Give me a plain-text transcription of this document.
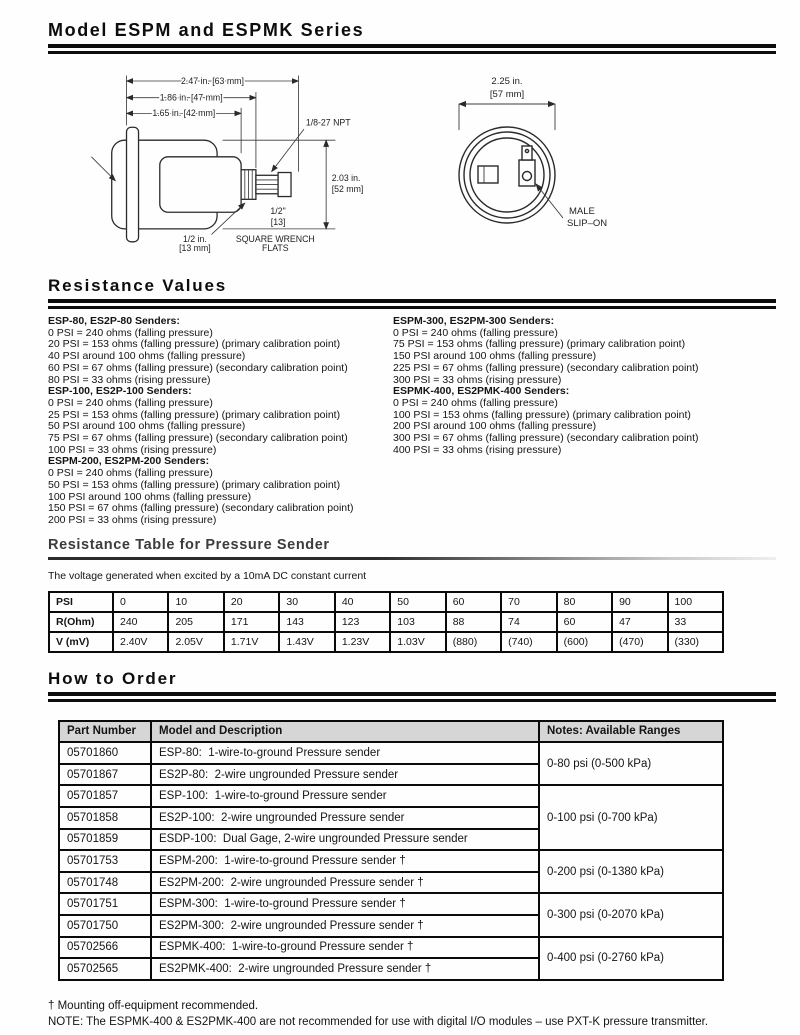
Model ESPM and ESPMK Series
2.47 in. [63 mm]
1.86 in. [47 mm]
1.65 in. [42 mm]
1/8-27 NPT
2.03 in.
[52 mm]
1/2"
[13]
1/2 in.
[13 mm]
SQUARE WRENCH
FLATS
2.25 in.
[57 mm]
MALE
SLIP–ON
Resistance Values
ESP-80, ES2P-80 Senders:
0 PSI = 240 ohms (falling pressure)
20 PSI = 153 ohms (falling pressure) (primary calibration point)
40 PSI around 100 ohms (falling pressure)
60 PSI = 67 ohms (falling pressure) (secondary calibration point)
80 PSI = 33 ohms (rising pressure)
ESP-100, ES2P-100 Senders:
0 PSI = 240 ohms (falling pressure)
25 PSI = 153 ohms (falling pressure) (primary calibration point)
50 PSI around 100 ohms (falling pressure)
75 PSI = 67 ohms (falling pressure) (secondary calibration point)
100 PSI = 33 ohms (rising pressure)
ESPM-200, ES2PM-200 Senders:
0 PSI = 240 ohms (falling pressure)
50 PSI = 153 ohms (falling pressure) (primary calibration point)
100 PSI around 100 ohms (falling pressure)
150 PSI = 67 ohms (falling pressure) (secondary calibration point)
200 PSI = 33 ohms (rising pressure)
ESPM-300, ES2PM-300 Senders:
0 PSI = 240 ohms (falling pressure)
75 PSI = 153 ohms (falling pressure) (primary calibration point)
150 PSI around 100 ohms (falling pressure)
225 PSI = 67 ohms (falling pressure) (secondary calibration point)
300 PSI = 33 ohms (rising pressure)
ESPMK-400, ES2PMK-400 Senders:
0 PSI = 240 ohms (falling pressure)
100 PSI = 153 ohms (falling pressure) (primary calibration point)
200 PSI around 100 ohms (falling pressure)
300 PSI = 67 ohms (falling pressure) (secondary calibration point)
400 PSI = 33 ohms (rising pressure)
Resistance Table for Pressure Sender
The voltage generated when excited by a 10mA DC constant current
PSI	0	10	20	30	40	50	60	70	80	90	100
R(Ohm)	240	205	171	143	123	103	88	74	60	47	33
V (mV)	2.40V	2.05V	1.71V	1.43V	1.23V	1.03V	(880)	(740)	(600)	(470)	(330)
How to Order
Part Number	Model and Description	Notes: Available Ranges
05701860	ESP-80:  1-wire-to-ground Pressure sender	0-80 psi (0-500 kPa)
05701867	ES2P-80:  2-wire ungrounded Pressure sender	
05701857	ESP-100:  1-wire-to-ground Pressure sender	0-100 psi (0-700 kPa)
05701858	ES2P-100:  2-wire ungrounded Pressure sender	
05701859	ESDP-100:  Dual Gage, 2-wire ungrounded Pressure sender	
05701753	ESPM-200:  1-wire-to-ground Pressure sender †	0-200 psi (0-1380 kPa)
05701748	ES2PM-200:  2-wire ungrounded Pressure sender †	
05701751	ESPM-300:  1-wire-to-ground Pressure sender †	0-300 psi (0-2070 kPa)
05701750	ES2PM-300:  2-wire ungrounded Pressure sender †	
05702566	ESPMK-400:  1-wire-to-ground Pressure sender †	0-400 psi (0-2760 kPa)
05702565	ES2PMK-400:  2-wire ungrounded Pressure sender †	
† Mounting off-equipment recommended.
NOTE: The ESPMK-400 & ES2PMK-400 are not recommended for use with digital I/O modules – use PXT-K pressure transmitter.
